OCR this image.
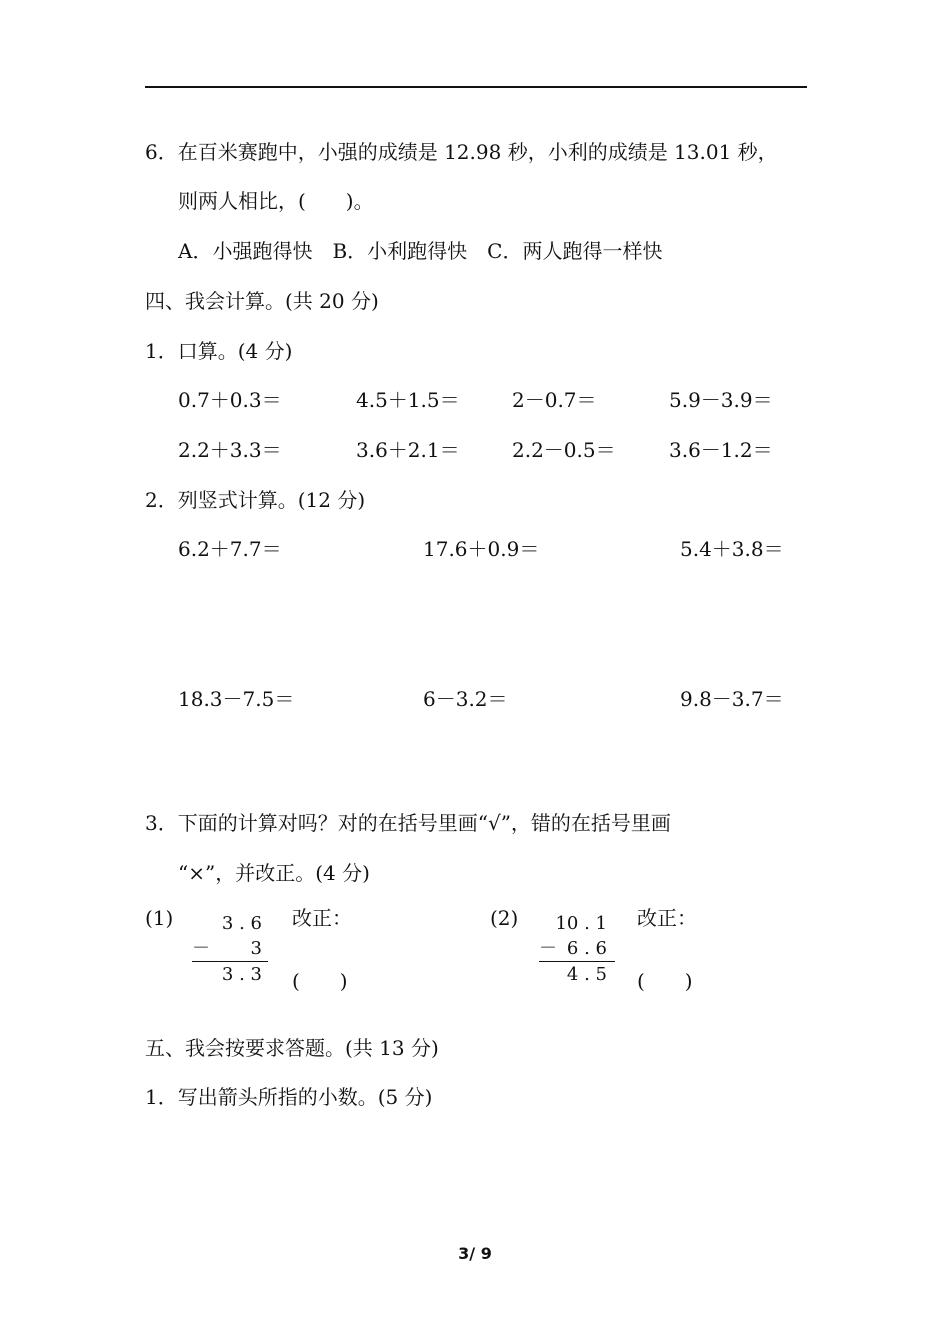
6．在百米赛跑中，小强的成绩是 12.98 秒，小利的成绩是 13.01 秒，
则两人相比，(　　)。
A．小强跑得快　B．小利跑得快　C．两人跑得一样快
四、我会计算。(共 20 分)
1．口算。(4 分)
0.7＋0.3＝	4.5＋1.5＝	2－0.7＝	5.9－3.9＝
2.2＋3.3＝	3.6＋2.1＝	2.2－0.5＝	3.6－1.2＝
2．列竖式计算。(12 分)
6.2＋7.7＝	17.6＋0.9＝	5.4＋3.8＝
18.3－7.5＝	6－3.2＝	9.8－3.7＝
3．下面的计算对吗？对的在括号里画“√”，错的在括号里画
“×”，并改正。(4 分)
(1)	3 . 6
－	3
3 . 3
改正：
(　　)
(2)	10 . 1
－ 6 . 6
4 . 5
改正：
(　　)
五、我会按要求答题。(共 13 分)
1．写出箭头所指的小数。(5 分)
3/ 9
